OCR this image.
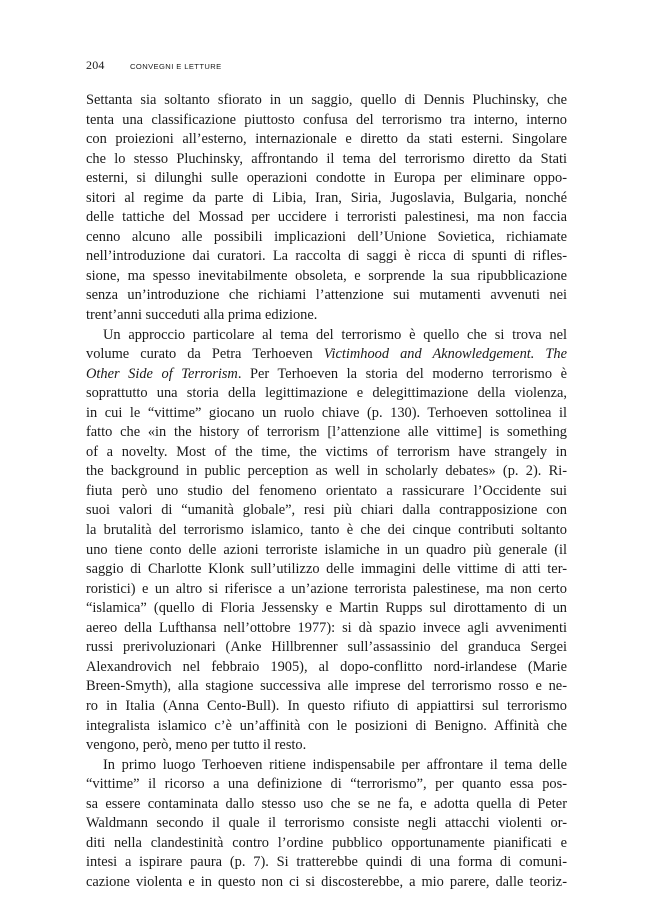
204	CONVEGNI E LETTURE
Settanta sia soltanto sfiorato in un saggio, quello di Dennis Pluchinsky, che
tenta una classificazione piuttosto confusa del terrorismo tra interno, interno
con proiezioni all’esterno, internazionale e diretto da stati esterni. Singolare
che lo stesso Pluchinsky, affrontando il tema del terrorismo diretto da Stati
esterni, si dilunghi sulle operazioni condotte in Europa per eliminare oppo-
sitori al regime da parte di Libia, Iran, Siria, Jugoslavia, Bulgaria, nonché
delle tattiche del Mossad per uccidere i terroristi palestinesi, ma non faccia
cenno alcuno alle possibili implicazioni dell’Unione Sovietica, richiamate
nell’introduzione dai curatori. La raccolta di saggi è ricca di spunti di rifles-
sione, ma spesso inevitabilmente obsoleta, e sorprende la sua ripubblicazione
senza un’introduzione che richiami l’attenzione sui mutamenti avvenuti nei
trent’anni succeduti alla prima edizione.
Un approccio particolare al tema del terrorismo è quello che si trova nel
volume curato da Petra Terhoeven Victimhood and Aknowledgement. The
Other Side of Terrorism. Per Terhoeven la storia del moderno terrorismo è
soprattutto una storia della legittimazione e delegittimazione della violenza,
in cui le “vittime” giocano un ruolo chiave (p. 130). Terhoeven sottolinea il
fatto che «in the history of terrorism [l’attenzione alle vittime] is something
of a novelty. Most of the time, the victims of terrorism have strangely in
the background in public perception as well in scholarly debates» (p. 2). Ri-
fiuta però uno studio del fenomeno orientato a rassicurare l’Occidente sui
suoi valori di “umanità globale”, resi più chiari dalla contrapposizione con
la brutalità del terrorismo islamico, tanto è che dei cinque contributi soltanto
uno tiene conto delle azioni terroriste islamiche in un quadro più generale (il
saggio di Charlotte Klonk sull’utilizzo delle immagini delle vittime di atti ter-
roristici) e un altro si riferisce a un’azione terrorista palestinese, ma non certo
“islamica” (quello di Floria Jessensky e Martin Rupps sul dirottamento di un
aereo della Lufthansa nell’ottobre 1977): si dà spazio invece agli avvenimenti
russi prerivoluzionari (Anke Hillbrenner sull’assassinio del granduca Sergei
Alexandrovich nel febbraio 1905), al dopo-conflitto nord-irlandese (Marie
Breen-Smyth), alla stagione successiva alle imprese del terrorismo rosso e ne-
ro in Italia (Anna Cento-Bull). In questo rifiuto di appiattirsi sul terrorismo
integralista islamico c’è un’affinità con le posizioni di Benigno. Affinità che
vengono, però, meno per tutto il resto.
In primo luogo Terhoeven ritiene indispensabile per affrontare il tema delle
“vittime” il ricorso a una definizione di “terrorismo”, per quanto essa pos-
sa essere contaminata dallo stesso uso che se ne fa, e adotta quella di Peter
Waldmann secondo il quale il terrorismo consiste negli attacchi violenti or-
diti nella clandestinità contro l’ordine pubblico opportunamente pianificati e
intesi a ispirare paura (p. 7). Si tratterebbe quindi di una forma di comuni-
cazione violenta e in questo non ci si discosterebbe, a mio parere, dalle teoriz-
